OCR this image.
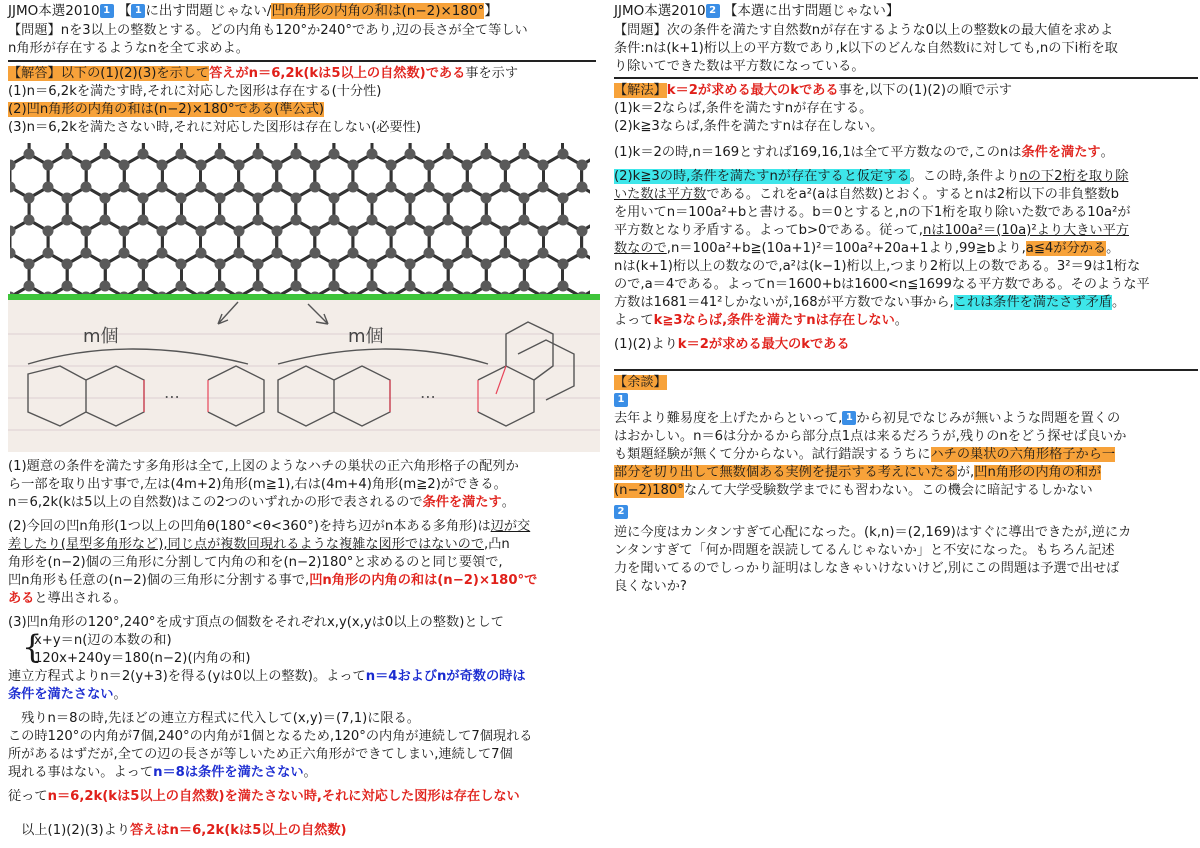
JJMO本選2010 1 【 1 に出す問題じゃない/凹n角形の内角の和は(n−2)×180°】
【問題】nを3以上の整数とする。どの内角も120°か240°であり,辺の長さが全て等しい
n角形が存在するようなnを全て求めよ。
【解答】以下の(1)(2)(3)を示して答えがn＝6,2k(kは5以上の自然数)である事を示す
(1)n＝6,2kを満たす時,それに対応した図形は存在する(十分性)
(2)凹n角形の内角の和は(n−2)×180°である(準公式)
(3)n＝6,2kを満たさない時,それに対応した図形は存在しない(必要性)
m個	m個
⋯	⋯
(1)題意の条件を満たす多角形は全て,上図のようなハチの巣状の正六角形格子の配列か
ら一部を取り出す事で,左は(4m+2)角形(m≧1),右は(4m+4)角形(m≧2)ができる。
n＝6,2k(kは5以上の自然数)はこの2つのいずれかの形で表されるので条件を満たす。
(2)今回の凹n角形(1つ以上の凹角θ(180°<θ<360°)を持ち辺がn本ある多角形)は辺が交
差したり(星型多角形など),同じ点が複数回現れるような複雑な図形ではないので,凸n
角形を(n−2)個の三角形に分割して内角の和を(n−2)180°と求めるのと同じ要領で,
凹n角形も任意の(n−2)個の三角形に分割する事で,凹n角形の内角の和は(n−2)×180°で
あると導出される。
(3)凹n角形の120°,240°を成す頂点の個数をそれぞれx,y(x,yは0以上の整数)として
{
x+y＝n(辺の本数の和)
120x+240y＝180(n−2)(内角の和)
連立方程式よりn＝2(y+3)を得る(yは0以上の整数)。よってn＝4およびnが奇数の時は
条件を満たさない。
　残りn＝8の時,先ほどの連立方程式に代入して(x,y)＝(7,1)に限る。
この時120°の内角が7個,240°の内角が1個となるため,120°の内角が連続して7個現れる
所があるはずだが,全ての辺の長さが等しいため正六角形ができてしまい,連続して7個
現れる事はない。よってn＝8は条件を満たさない。
従ってn＝6,2k(kは5以上の自然数)を満たさない時,それに対応した図形は存在しない
　以上(1)(2)(3)より答えはn＝6,2k(kは5以上の自然数)
JJMO本選2010 2 【本選に出す問題じゃない】
【問題】次の条件を満たす自然数nが存在するような0以上の整数kの最大値を求めよ
条件:nは(k+1)桁以上の平方数であり,k以下のどんな自然数iに対しても,nの下i桁を取
り除いてできた数は平方数になっている。
【解法】k＝2が求める最大のkである事を,以下の(1)(2)の順で示す
(1)k＝2ならば,条件を満たすnが存在する。
(2)k≧3ならば,条件を満たすnは存在しない。
(1)k＝2の時,n＝169とすれば169,16,1は全て平方数なので,このnは条件を満たす。
(2)k≧3の時,条件を満たすnが存在すると仮定する。この時,条件よりnの下2桁を取り除
いた数は平方数である。これをa²(aは自然数)とおく。するとnは2桁以下の非負整数b
を用いてn＝100a²+bと書ける。b＝0とすると,nの下1桁を取り除いた数である10a²が
平方数となり矛盾する。よってb>0である。従って,nは100a²＝(10a)²より大きい平方
数なので,n＝100a²+b≧(10a+1)²＝100a²+20a+1より,99≧bより,a≦4が分かる。
nは(k+1)桁以上の数なので,a²は(k−1)桁以上,つまり2桁以上の数である。3²＝9は1桁な
ので,a＝4である。よってn＝1600+bは1600<n≦1699なる平方数である。そのような平
方数は1681＝41²しかないが,168が平方数でない事から,これは条件を満たさず矛盾。
よってk≧3ならば,条件を満たすnは存在しない。
(1)(2)よりk＝2が求める最大のkである
【余談】
1
去年より難易度を上げたからといって, 1 から初見でなじみが無いような問題を置くの
はおかしい。n＝6は分かるから部分点1点は来るだろうが,残りのnをどう探せば良いか
も類題経験が無くて分からない。試行錯誤するうちにハチの巣状の六角形格子から一
部分を切り出して無数個ある実例を提示する考えにいたるが,凹n角形の内角の和が
(n−2)180°なんて大学受験数学までにも習わない。この機会に暗記するしかない
2
逆に今度はカンタンすぎて心配になった。(k,n)＝(2,169)はすぐに導出できたが,逆にカ
ンタンすぎて「何か問題を誤読してるんじゃないか」と不安になった。もちろん記述
力を聞いてるのでしっかり証明はしなきゃいけないけど,別にこの問題は予選で出せば
良くないか?
